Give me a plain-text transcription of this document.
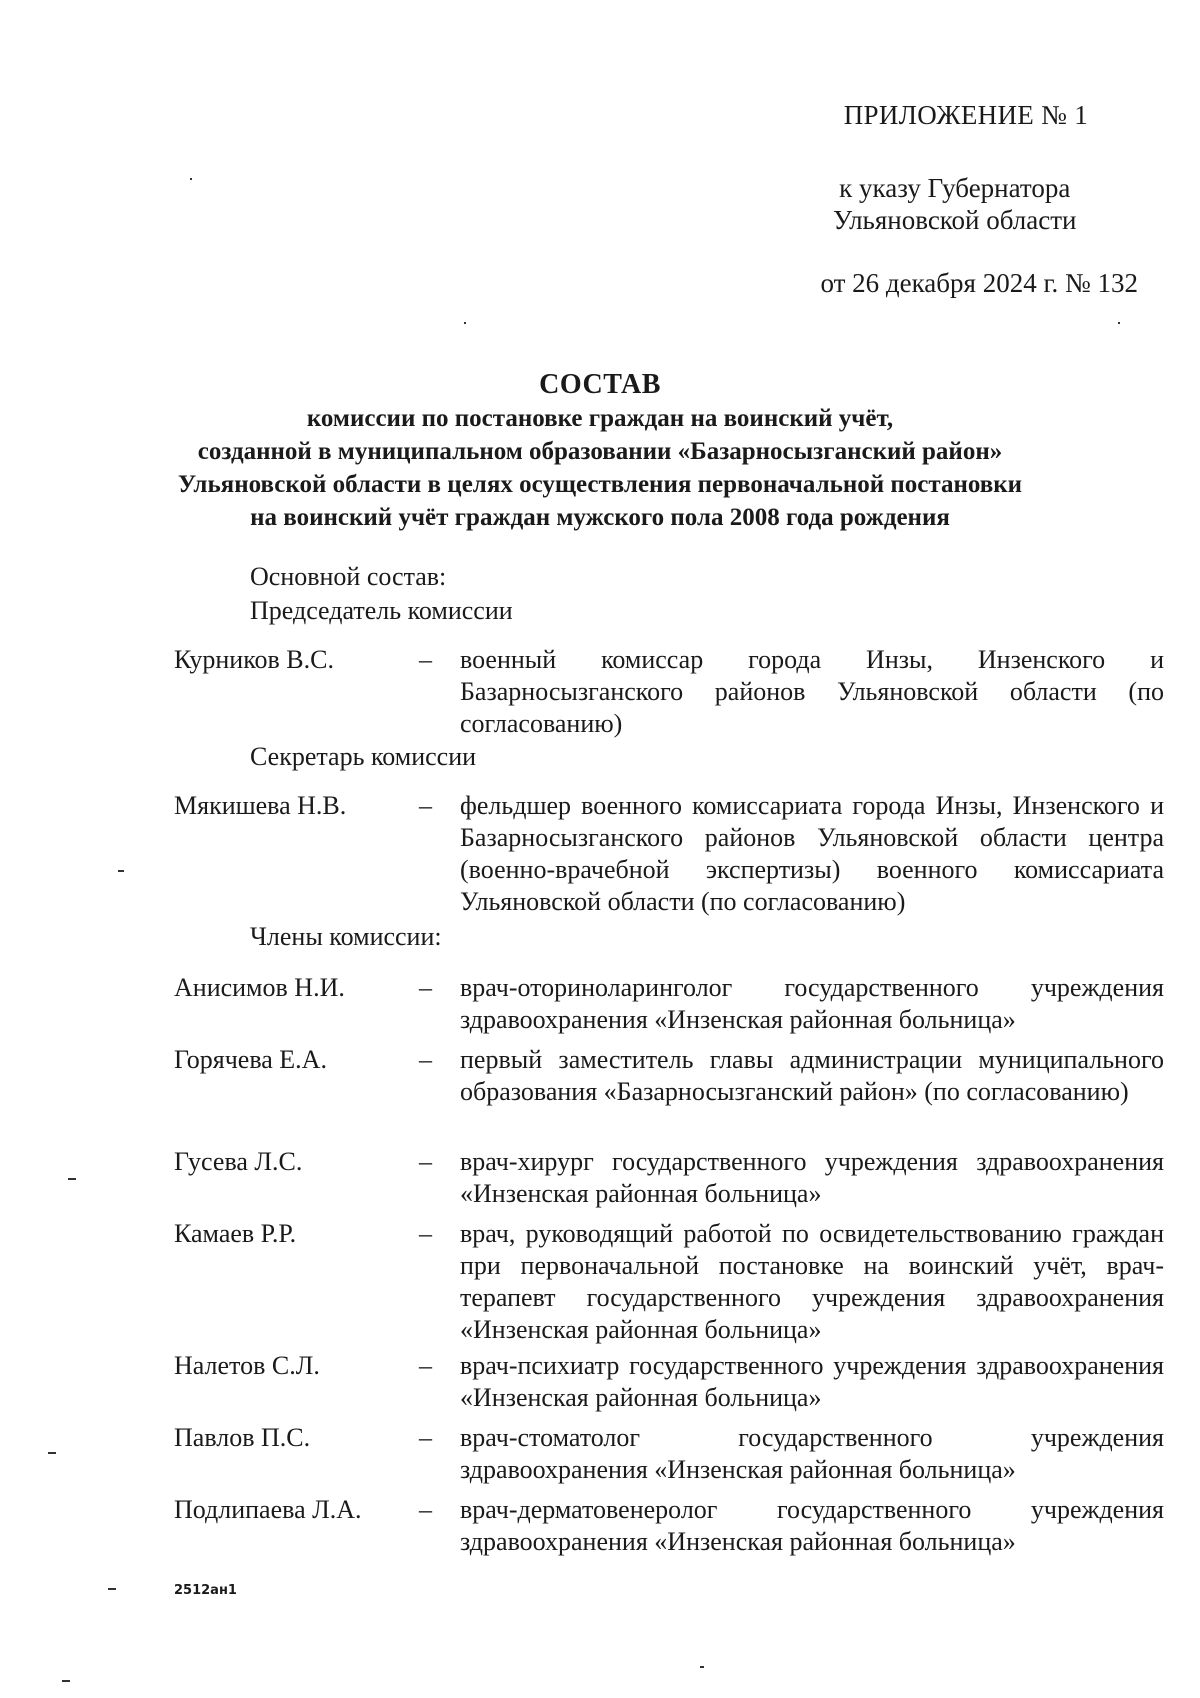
ПРИЛОЖЕНИЕ № 1
к указу Губернатора
Ульяновской области
от 26 декабря 2024 г. № 132
СОСТАВ
комиссии по постановке граждан на воинский учёт,
созданной в муниципальном образовании «Базарносызганский район»
Ульяновской области в целях осуществления первоначальной постановки
на воинский учёт граждан мужского пола 2008 года рождения
Основной состав:
Председатель комиссии
Курников В.С.	– военный комиссар города Инзы, Инзенского и Базарносызганского районов Ульяновской области (по согласованию)
Секретарь комиссии
Мякишева Н.В.	– фельдшер военного комиссариата города Инзы, Инзенского и Базарносызганского районов Ульяновской области центра (военно-врачебной экспертизы) военного комиссариата Ульяновской области (по согласованию)
Члены комиссии:
Анисимов Н.И.	– врач-оториноларинголог государственного учреждения здравоохранения «Инзенская районная больница»
Горячева Е.А.	– первый заместитель главы администрации муниципального образования «Базарносызганский район» (по согласованию)
Гусева Л.С.	– врач-хирург государственного учреждения здравоохранения «Инзенская районная больница»
Камаев Р.Р.	– врач, руководящий работой по освидетельствованию граждан при первоначальной постановке на воинский учёт, врач-терапевт государственного учреждения здравоохранения «Инзенская районная больница»
Налетов С.Л.	– врач-психиатр государственного учреждения здравоохранения «Инзенская районная больница»
Павлов П.С.	– врач-стоматолог государственного учреждения здравоохранения «Инзенская районная больница»
Подлипаева Л.А. – врач-дерматовенеролог государственного учреждения здравоохранения «Инзенская районная больница»
2512ан1
